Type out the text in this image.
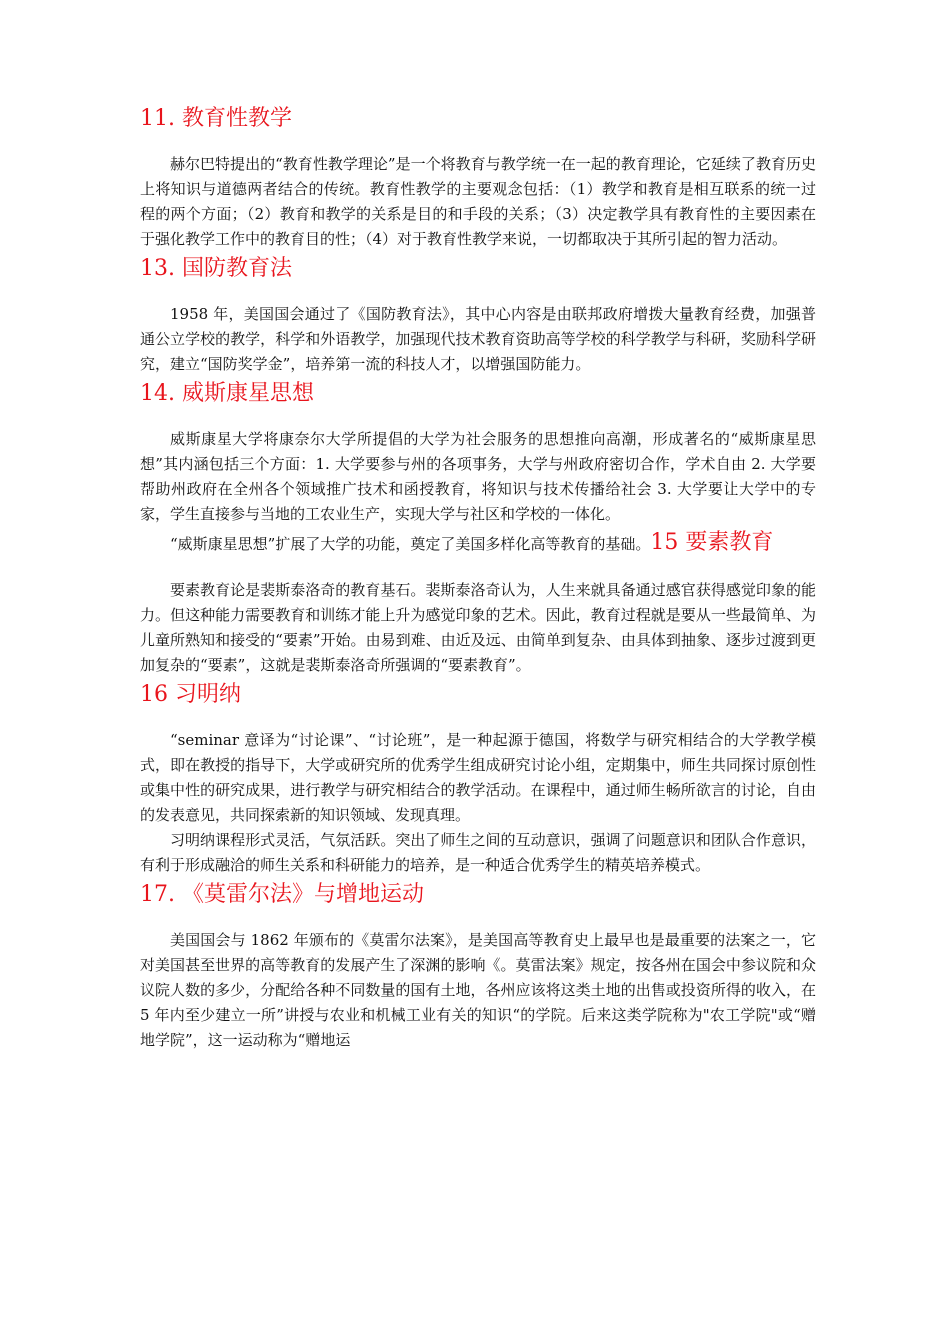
11. 教育性教学

赫尔巴特提出的“教育性教学理论”是一个将教育与教学统一在一起的教育理论，它延续了教育历史上将知识与道德两者结合的传统。教育性教学的主要观念包括：（1）教学和教育是相互联系的统一过程的两个方面；（2）教育和教学的关系是目的和手段的关系；（3）决定教学具有教育性的主要因素在于强化教学工作中的教育目的性；（4）对于教育性教学来说，一切都取决于其所引起的智力活动。

13. 国防教育法

1958 年，美国国会通过了《国防教育法》，其中心内容是由联邦政府增拨大量教育经费，加强普通公立学校的教学，科学和外语教学，加强现代技术教育资助高等学校的科学教学与科研，奖励科学研究，建立“国防奖学金”，培养第一流的科技人才，以增强国防能力。

14. 威斯康星思想

威斯康星大学将康奈尔大学所提倡的大学为社会服务的思想推向高潮，形成著名的“威斯康星思想”其内涵包括三个方面：1. 大学要参与州的各项事务，大学与州政府密切合作，学术自由 2. 大学要帮助州政府在全州各个领域推广技术和函授教育，将知识与技术传播给社会 3. 大学要让大学中的专家，学生直接参与当地的工农业生产，实现大学与社区和学校的一体化。

“威斯康星思想”扩展了大学的功能，奠定了美国多样化高等教育的基础。15 要素教育

要素教育论是裴斯泰洛奇的教育基石。裴斯泰洛奇认为，人生来就具备通过感官获得感觉印象的能力。但这种能力需要教育和训练才能上升为感觉印象的艺术。因此，教育过程就是要从一些最简单、为儿童所熟知和接受的“要素”开始。由易到难、由近及远、由简单到复杂、由具体到抽象、逐步过渡到更加复杂的“要素”，这就是裴斯泰洛奇所强调的“要素教育”。

16 习明纳

“seminar 意译为“讨论课”、“讨论班”，是一种起源于德国，将数学与研究相结合的大学教学模式，即在教授的指导下，大学或研究所的优秀学生组成研究讨论小组，定期集中，师生共同探讨原创性或集中性的研究成果，进行教学与研究相结合的教学活动。在课程中，通过师生畅所欲言的讨论，自由的发表意见，共同探索新的知识领域、发现真理。

习明纳课程形式灵活，气氛活跃。突出了师生之间的互动意识，强调了问题意识和团队合作意识，有利于形成融洽的师生关系和科研能力的培养，是一种适合优秀学生的精英培养模式。

17. 《莫雷尔法》与增地运动

美国国会与 1862 年颁布的《莫雷尔法案》，是美国高等教育史上最早也是最重要的法案之一，它对美国甚至世界的高等教育的发展产生了深渊的影响《。莫雷法案》规定，按各州在国会中参议院和众议院人数的多少，分配给各种不同数量的国有土地，各州应该将这类土地的出售或投资所得的收入，在 5 年内至少建立一所”讲授与农业和机械工业有关的知识“的学院。后来这类学院称为"农工学院"或“赠地学院”，这一运动称为“赠地运
